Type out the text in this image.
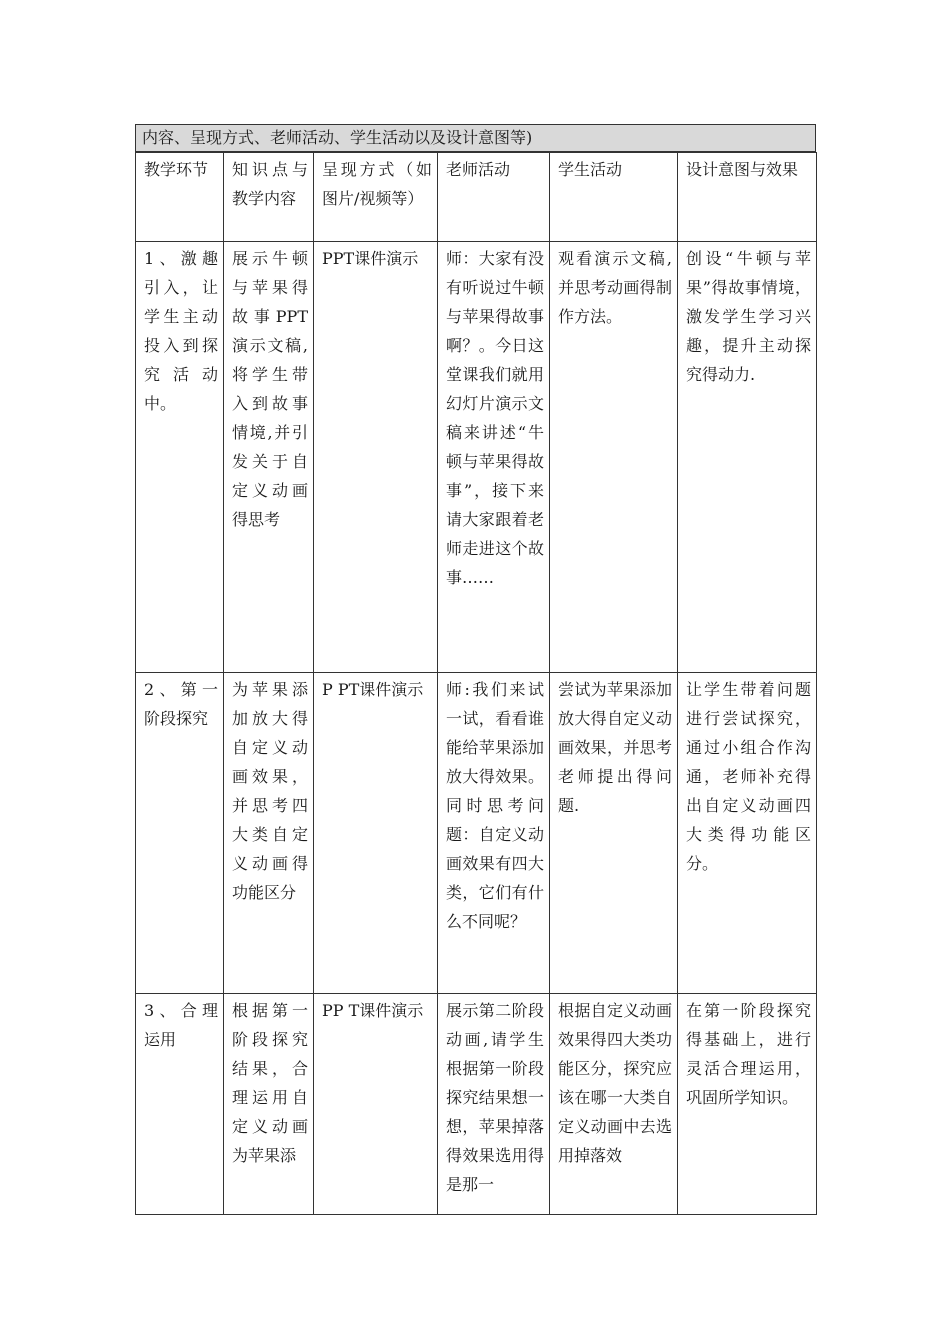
内容、呈现方式、老师活动、学生活动以及设计意图等)
教学环节	知识点与教学内容	呈现方式（如图片/视频等）	老师活动	学生活动	设计意图与效果
1、激趣引入，让学生主动投入到探究活动中。	展示牛顿与苹果得故事PPT演示文稿,将学生带入到故事情境,并引发关于自定义动画得思考	PPT课件演示	师：大家有没有听说过牛顿与苹果得故事啊？。今日这堂课我们就用幻灯片演示文稿来讲述“牛顿与苹果得故事”，接下来请大家跟着老师走进这个故事……	观看演示文稿,并思考动画得制作方法。	创设“牛顿与苹果”得故事情境，激发学生学习兴趣，提升主动探究得动力.
2、第一阶段探究	为苹果添加放大得自定义动画效果，并思考四大类自定义动画得功能区分	P PT课件演示	师:我们来试一试，看看谁能给苹果添加放大得效果。同时思考问题：自定义动画效果有四大类，它们有什么不同呢？	尝试为苹果添加放大得自定义动画效果，并思考老师提出得问题.	让学生带着问题进行尝试探究，通过小组合作沟通，老师补充得出自定义动画四大类得功能区分。
3、合理运用	根据第一阶段探究结果，合理运用自定义动画为苹果添	PP T课件演示	展示第二阶段动画,请学生根据第一阶段探究结果想一想，苹果掉落得效果选用得是那一	根据自定义动画效果得四大类功能区分，探究应该在哪一大类自定义动画中去选用掉落效	在第一阶段探究得基础上，进行灵活合理运用，巩固所学知识。
